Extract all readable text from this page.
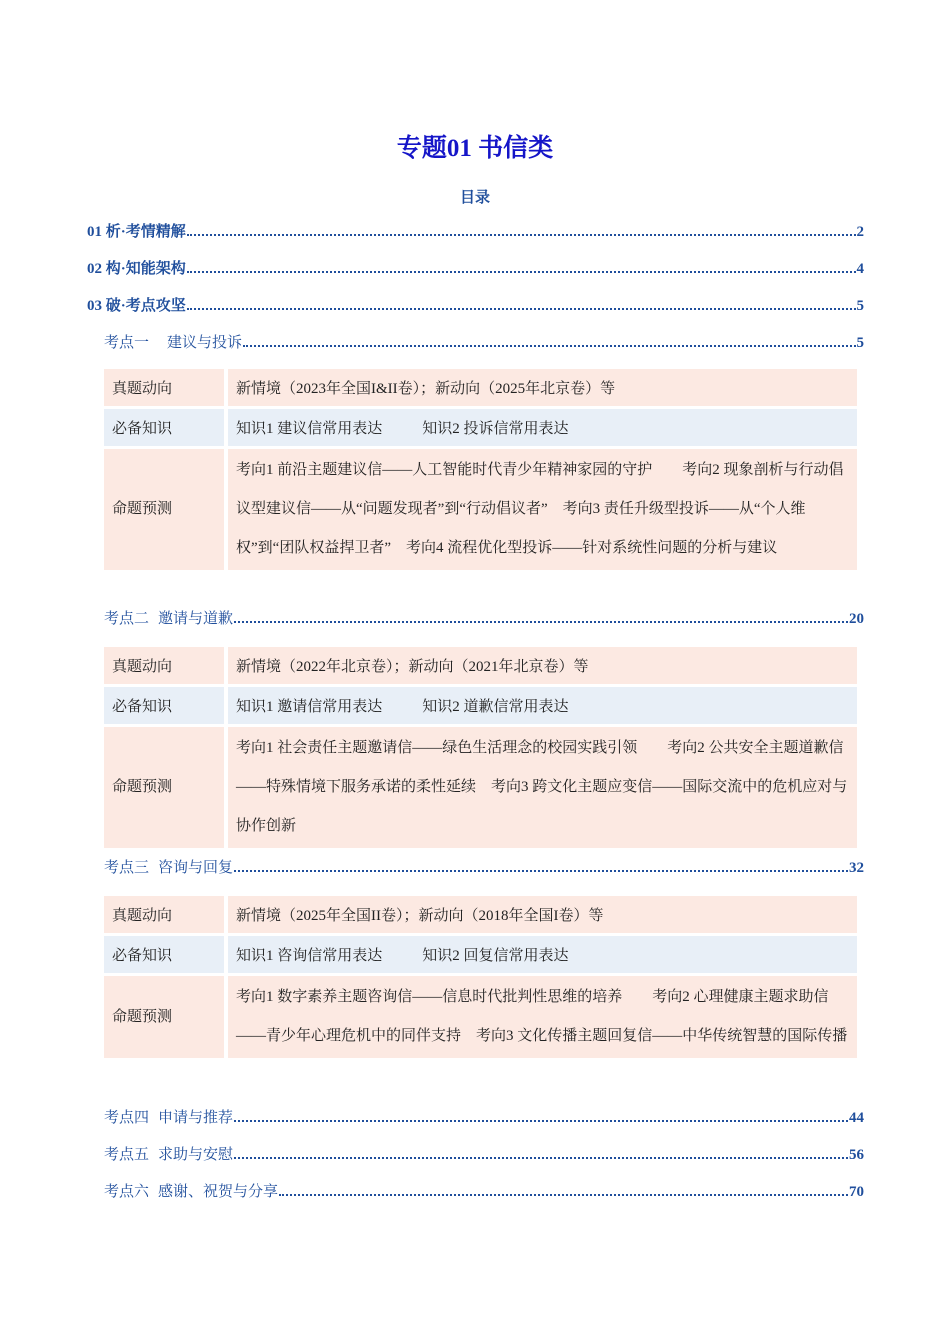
专题01 书信类
目录
01 析·考情精解	2
02 构·知能架构	4
03 破·考点攻坚	5
考点一 建议与投诉	5
真题动向	新情境（2023年全国I&II卷）；新动向（2025年北京卷）等
必备知识	知识1 建议信常用表达 知识2 投诉信常用表达
命题预测	考向1 前沿主题建议信——人工智能时代青少年精神家园的守护　　考向2 现象剖析与行动倡议型建议信——从“问题发现者”到“行动倡议者”　考向3 责任升级型投诉——从“个人维权”到“团队权益捍卫者”　考向4 流程优化型投诉——针对系统性问题的分析与建议
考点二 邀请与道歉	20
真题动向	新情境（2022年北京卷）；新动向（2021年北京卷）等
必备知识	知识1 邀请信常用表达 知识2 道歉信常用表达
命题预测	考向1 社会责任主题邀请信——绿色生活理念的校园实践引领　　考向2 公共安全主题道歉信——特殊情境下服务承诺的柔性延续　考向3 跨文化主题应变信——国际交流中的危机应对与协作创新
考点三 咨询与回复	32
真题动向	新情境（2025年全国II卷）；新动向（2018年全国I卷）等
必备知识	知识1 咨询信常用表达 知识2 回复信常用表达
命题预测	考向1 数字素养主题咨询信——信息时代批判性思维的培养　　考向2 心理健康主题求助信——青少年心理危机中的同伴支持　考向3 文化传播主题回复信——中华传统智慧的国际传播
考点四 申请与推荐	44
考点五 求助与安慰	56
考点六 感谢、祝贺与分享	70
